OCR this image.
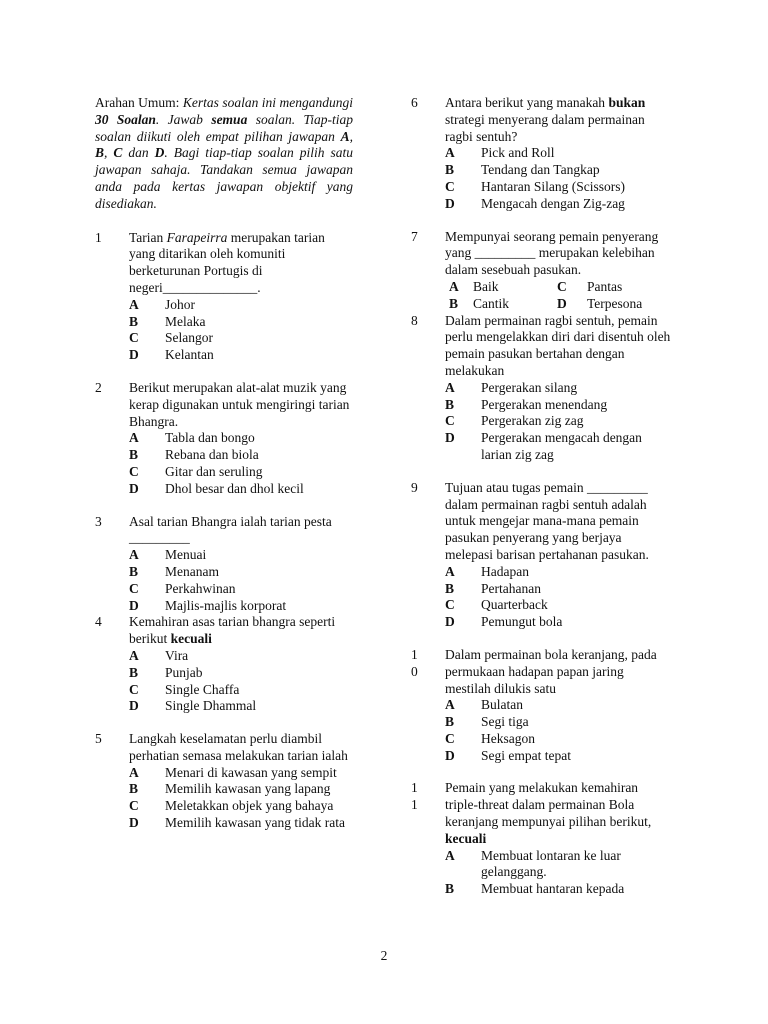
Arahan Umum: Kertas soalan ini mengandungi 30 Soalan. Jawab semua soalan. Tiap-tiap soalan diikuti oleh empat pilihan jawapan A, B, C dan D. Bagi tiap-tiap soalan pilih satu jawapan sahaja. Tandakan semua jawapan anda pada kertas jawapan objektif yang disediakan.
1	Tarian Farapeirra merupakan tarian yang ditarikan oleh komuniti berketurunan Portugis di negeri______________.
A Johor
B Melaka
C Selangor
D Kelantan
2	Berikut merupakan alat-alat muzik yang kerap digunakan untuk mengiringi tarian Bhangra.
A Tabla dan bongo
B Rebana dan biola
C Gitar dan seruling
D Dhol besar dan dhol kecil
3	Asal tarian Bhangra ialah tarian pesta _________
A Menuai
B Menanam
C Perkahwinan
D Majlis-majlis korporat
4	Kemahiran asas tarian bhangra seperti berikut kecuali
A Vira
B Punjab
C Single Chaffa
D Single Dhammal
5	Langkah keselamatan perlu diambil perhatian semasa melakukan tarian ialah
A Menari di kawasan yang sempit
B Memilih kawasan yang lapang
C Meletakkan objek yang bahaya
D Memilih kawasan yang tidak rata
6	Antara berikut yang manakah bukan strategi menyerang dalam permainan ragbi sentuh?
A Pick and Roll
B Tendang dan Tangkap
C Hantaran Silang (Scissors)
D Mengacah dengan Zig-zag
7	Mempunyai seorang pemain penyerang yang _________ merupakan kelebihan dalam sesebuah pasukan.
A	Baik	C	Pantas
B	Cantik	D	Terpesona
8	Dalam permainan ragbi sentuh, pemain perlu mengelakkan diri dari disentuh oleh pemain pasukan bertahan dengan melakukan
A Pergerakan silang
B Pergerakan menendang
C Pergerakan zig zag
D Pergerakan mengacah dengan larian zig zag
9	Tujuan atau tugas pemain _________ dalam permainan ragbi sentuh adalah untuk mengejar mana-mana pemain pasukan penyerang yang berjaya melepasi barisan pertahanan pasukan.
A Hadapan
B Pertahanan
C Quarterback
D Pemungut bola
1
0
Dalam permainan bola keranjang, pada permukaan hadapan papan jaring mestilah dilukis satu
A Bulatan
B Segi tiga
C Heksagon
D Segi empat tepat
1
1
Pemain yang melakukan kemahiran triple-threat dalam permainan Bola keranjang mempunyai pilihan berikut, kecuali
A Membuat lontaran ke luar gelanggang.
B Membuat hantaran kepada
2
